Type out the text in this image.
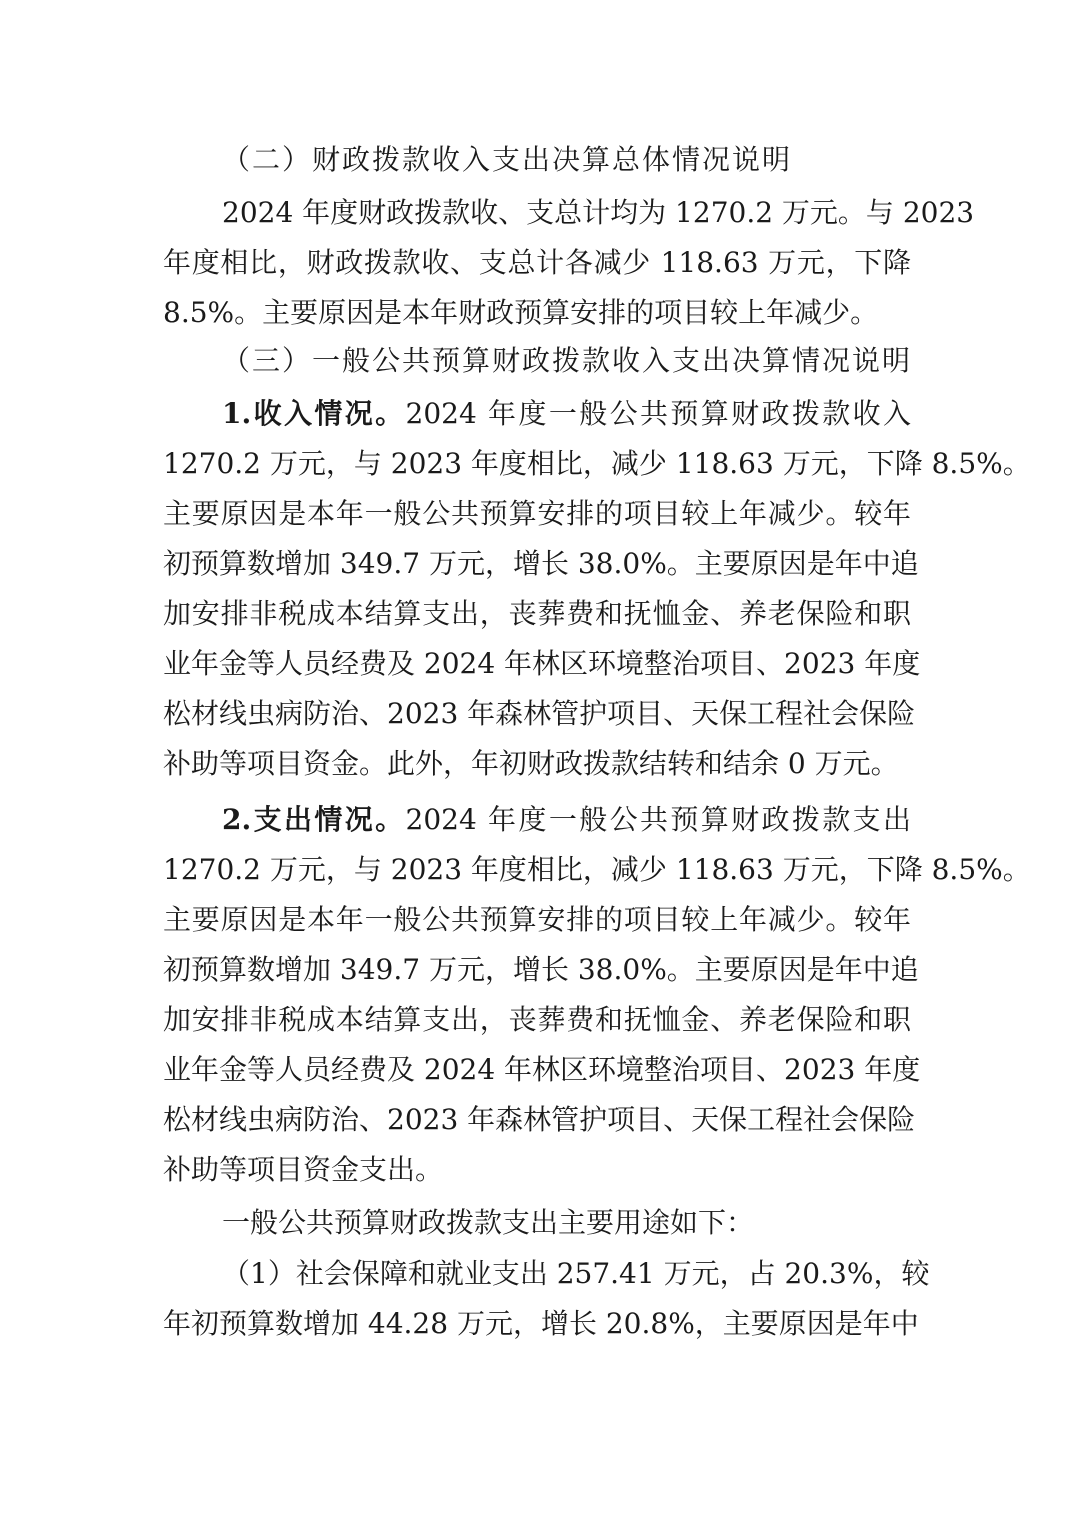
（二）财政拨款收入支出决算总体情况说明
2024 年度财政拨款收、支总计均为 1270.2 万元。与 2023
年度相比，财政拨款收、支总计各减少 118.63 万元，下降
8.5%。主要原因是本年财政预算安排的项目较上年减少。
（三）一般公共预算财政拨款收入支出决算情况说明
1.收入情况。2024 年度一般公共预算财政拨款收入
1270.2 万元，与 2023 年度相比，减少 118.63 万元，下降 8.5%。
主要原因是本年一般公共预算安排的项目较上年减少。较年
初预算数增加 349.7 万元，增长 38.0%。主要原因是年中追
加安排非税成本结算支出，丧葬费和抚恤金、养老保险和职
业年金等人员经费及 2024 年林区环境整治项目、2023 年度
松材线虫病防治、2023 年森林管护项目、天保工程社会保险
补助等项目资金。此外，年初财政拨款结转和结余 0 万元。
2.支出情况。2024 年度一般公共预算财政拨款支出
1270.2 万元，与 2023 年度相比，减少 118.63 万元，下降 8.5%。
主要原因是本年一般公共预算安排的项目较上年减少。较年
初预算数增加 349.7 万元，增长 38.0%。主要原因是年中追
加安排非税成本结算支出，丧葬费和抚恤金、养老保险和职
业年金等人员经费及 2024 年林区环境整治项目、2023 年度
松材线虫病防治、2023 年森林管护项目、天保工程社会保险
补助等项目资金支出。
一般公共预算财政拨款支出主要用途如下：
（1）社会保障和就业支出 257.41 万元，占 20.3%，较
年初预算数增加 44.28 万元，增长 20.8%，主要原因是年中
